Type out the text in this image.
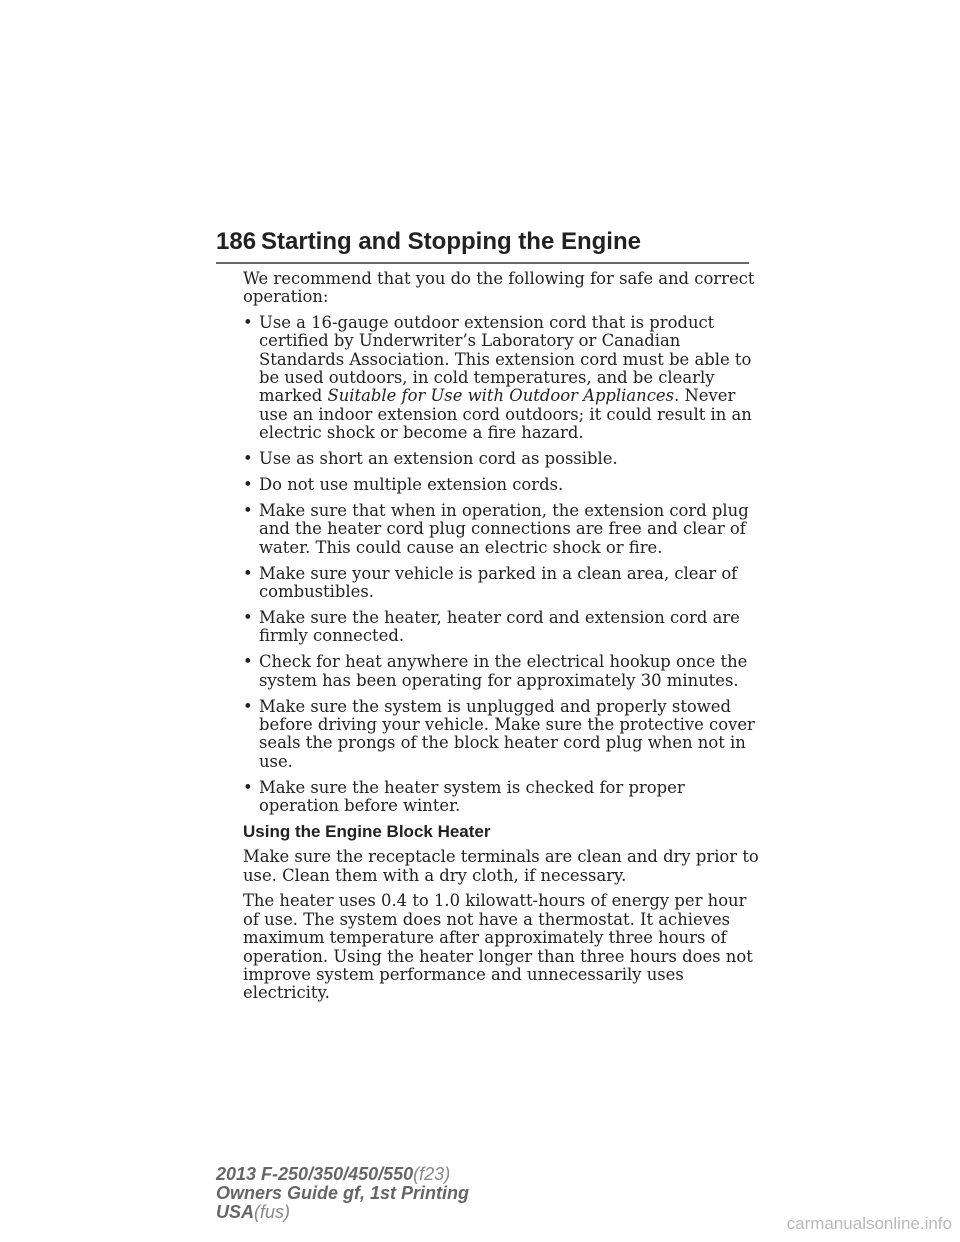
186 Starting and Stopping the Engine

We recommend that you do the following for safe and correct operation:

• Use a 16-gauge outdoor extension cord that is product certified by Underwriter’s Laboratory or Canadian Standards Association. This extension cord must be able to be used outdoors, in cold temperatures, and be clearly marked Suitable for Use with Outdoor Appliances. Never use an indoor extension cord outdoors; it could result in an electric shock or become a fire hazard.
• Use as short an extension cord as possible.
• Do not use multiple extension cords.
• Make sure that when in operation, the extension cord plug and the heater cord plug connections are free and clear of water. This could cause an electric shock or fire.
• Make sure your vehicle is parked in a clean area, clear of combustibles.
• Make sure the heater, heater cord and extension cord are firmly connected.
• Check for heat anywhere in the electrical hookup once the system has been operating for approximately 30 minutes.
• Make sure the system is unplugged and properly stowed before driving your vehicle. Make sure the protective cover seals the prongs of the block heater cord plug when not in use.
• Make sure the heater system is checked for proper operation before winter.
Using the Engine Block Heater

Make sure the receptacle terminals are clean and dry prior to use. Clean them with a dry cloth, if necessary.

The heater uses 0.4 to 1.0 kilowatt-hours of energy per hour of use. The system does not have a thermostat. It achieves maximum temperature after approximately three hours of operation. Using the heater longer than three hours does not improve system performance and unnecessarily uses electricity.

2013 F-250/350/450/550(f23)
Owners Guide gf, 1st Printing
USA(fus)
carmanualsonline.info
